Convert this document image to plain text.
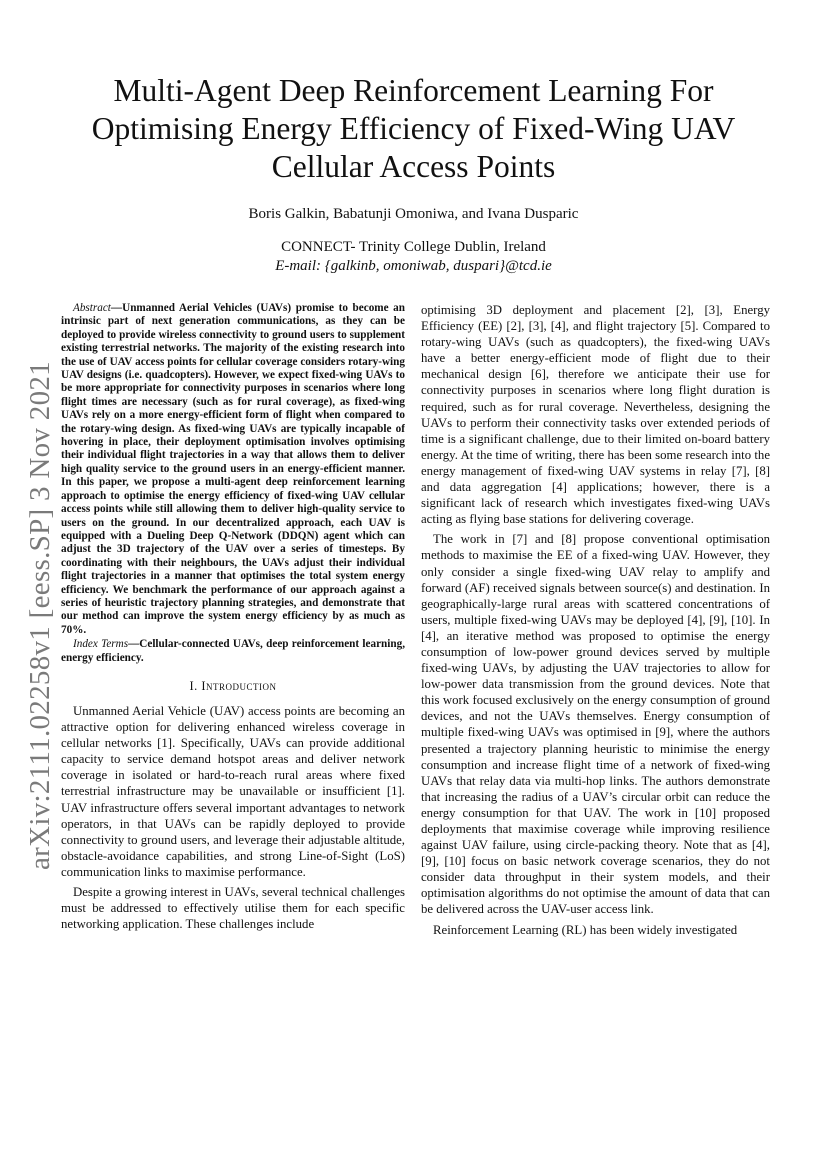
arXiv:2111.02258v1 [eess.SP] 3 Nov 2021
Multi-Agent Deep Reinforcement Learning For Optimising Energy Efficiency of Fixed-Wing UAV Cellular Access Points
Boris Galkin, Babatunji Omoniwa, and Ivana Dusparic
CONNECT- Trinity College Dublin, Ireland
E-mail: {galkinb, omoniwab, duspari}@tcd.ie

Abstract—Unmanned Aerial Vehicles (UAVs) promise to become an intrinsic part of next generation communications, as they can be deployed to provide wireless connectivity to ground users to supplement existing terrestrial networks. The majority of the existing research into the use of UAV access points for cellular coverage considers rotary-wing UAV designs (i.e. quadcopters). However, we expect fixed-wing UAVs to be more appropriate for connectivity purposes in scenarios where long flight times are necessary (such as for rural coverage), as fixed-wing UAVs rely on a more energy-efficient form of flight when compared to the rotary-wing design. As fixed-wing UAVs are typically incapable of hovering in place, their deployment optimisation involves optimising their individual flight trajectories in a way that allows them to deliver high quality service to the ground users in an energy-efficient manner. In this paper, we propose a multi-agent deep reinforcement learning approach to optimise the energy efficiency of fixed-wing UAV cellular access points while still allowing them to deliver high-quality service to users on the ground. In our decentralized approach, each UAV is equipped with a Dueling Deep Q-Network (DDQN) agent which can adjust the 3D trajectory of the UAV over a series of timesteps. By coordinating with their neighbours, the UAVs adjust their individual flight trajectories in a manner that optimises the total system energy efficiency. We benchmark the performance of our approach against a series of heuristic trajectory planning strategies, and demonstrate that our method can improve the system energy efficiency by as much as 70%.

Index Terms—Cellular-connected UAVs, deep reinforcement learning, energy efficiency.

I. Introduction

Unmanned Aerial Vehicle (UAV) access points are becoming an attractive option for delivering enhanced wireless coverage in cellular networks [1]. Specifically, UAVs can provide additional capacity to service demand hotspot areas and deliver network coverage in isolated or hard-to-reach rural areas where fixed terrestrial infrastructure may be unavailable or insufficient [1]. UAV infrastructure offers several important advantages to network operators, in that UAVs can be rapidly deployed to provide connectivity to ground users, and leverage their adjustable altitude, obstacle-avoidance capabilities, and strong Line-of-Sight (LoS) communication links to maximise performance.

Despite a growing interest in UAVs, several technical challenges must be addressed to effectively utilise them for each specific networking application. These challenges include

optimising 3D deployment and placement [2], [3], Energy Efficiency (EE) [2], [3], [4], and flight trajectory [5]. Compared to rotary-wing UAVs (such as quadcopters), the fixed-wing UAVs have a better energy-efficient mode of flight due to their mechanical design [6], therefore we anticipate their use for connectivity purposes in scenarios where long flight duration is required, such as for rural coverage. Nevertheless, designing the UAVs to perform their connectivity tasks over extended periods of time is a significant challenge, due to their limited on-board battery energy. At the time of writing, there has been some research into the energy management of fixed-wing UAV systems in relay [7], [8] and data aggregation [4] applications; however, there is a significant lack of research which investigates fixed-wing UAVs acting as flying base stations for delivering coverage.

The work in [7] and [8] propose conventional optimisation methods to maximise the EE of a fixed-wing UAV. However, they only consider a single fixed-wing UAV relay to amplify and forward (AF) received signals between source(s) and destination. In geographically-large rural areas with scattered concentrations of users, multiple fixed-wing UAVs may be deployed [4], [9], [10]. In [4], an iterative method was proposed to optimise the energy consumption of low-power ground devices served by multiple fixed-wing UAVs, by adjusting the UAV trajectories to allow for low-power data transmission from the ground devices. Note that this work focused exclusively on the energy consumption of ground devices, and not the UAVs themselves. Energy consumption of multiple fixed-wing UAVs was optimised in [9], where the authors presented a trajectory planning heuristic to minimise the energy consumption and increase flight time of a network of fixed-wing UAVs that relay data via multi-hop links. The authors demonstrate that increasing the radius of a UAV’s circular orbit can reduce the energy consumption for that UAV. The work in [10] proposed deployments that maximise coverage while improving resilience against UAV failure, using circle-packing theory. Note that as [4], [9], [10] focus on basic network coverage scenarios, they do not consider data throughput in their system models, and their optimisation algorithms do not optimise the amount of data that can be delivered across the UAV-user access link.

Reinforcement Learning (RL) has been widely investigated
